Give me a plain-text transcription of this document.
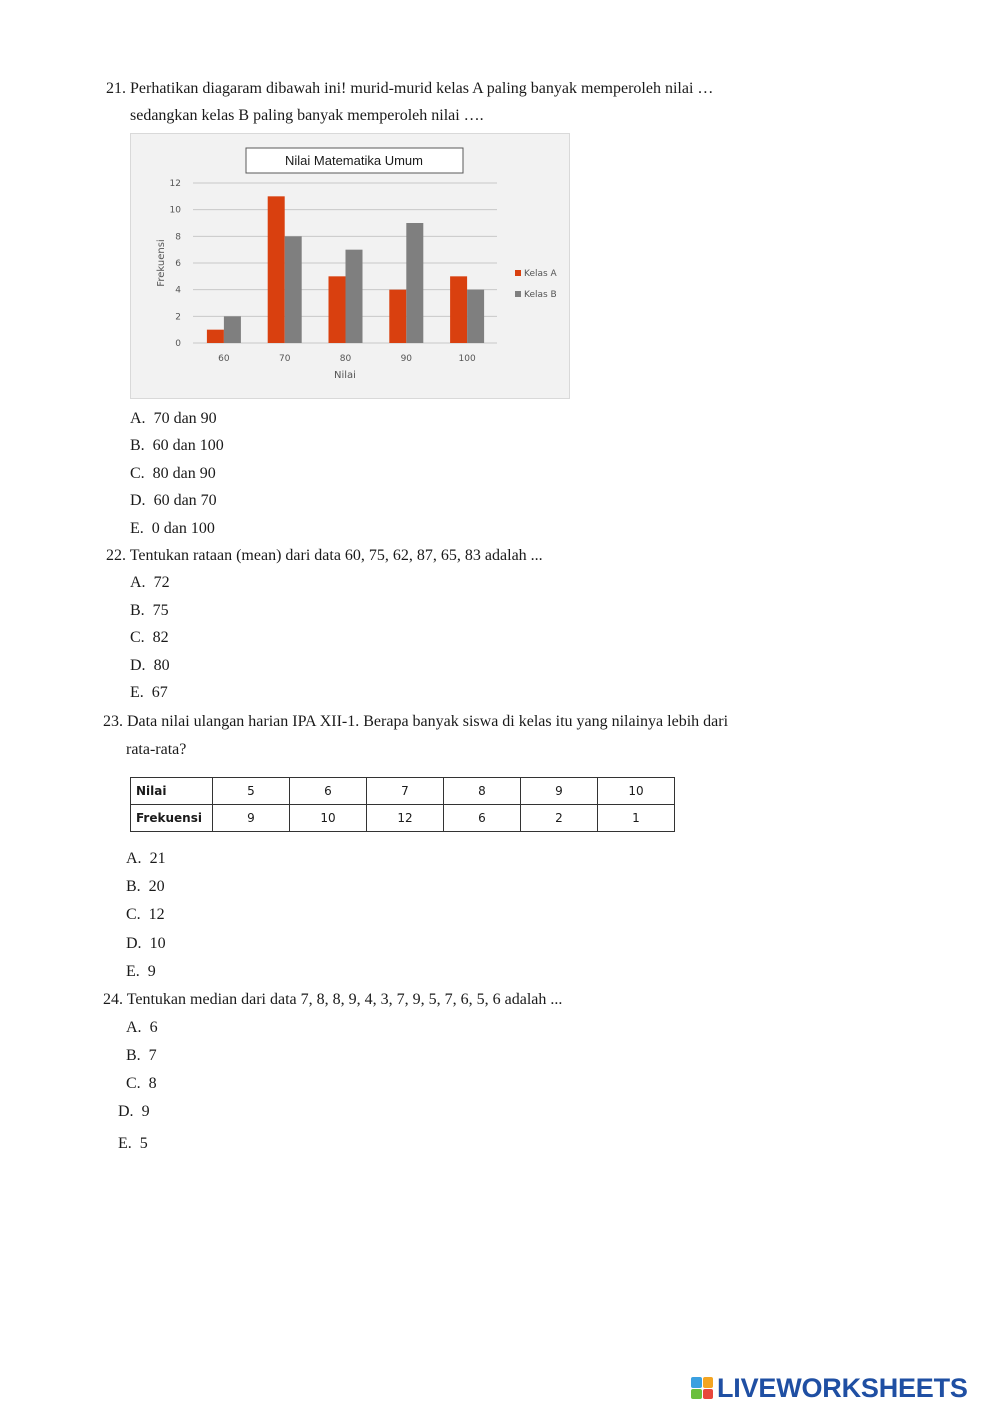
21. Perhatikan diagaram dibawah ini! murid-murid kelas A paling banyak memperoleh nilai …
sedangkan kelas B paling banyak memperoleh nilai ….
Nilai Matematika Umum
0
2
4
6
8
10
12
60	70	80	90	100
Nilai
Frekuensi	Kelas A
Kelas B
A. 70 dan 90
B. 60 dan 100
C. 80 dan 90
D. 60 dan 70
E. 0 dan 100
22. Tentukan rataan (mean) dari data 60, 75, 62, 87, 65, 83 adalah ...
A. 72
B. 75
C. 82
D. 80
E. 67
23. Data nilai ulangan harian IPA XII-1. Berapa banyak siswa di kelas itu yang nilainya lebih dari
rata-rata?
Nilai	5	6	7	8	9	10
Frekuensi	9	10	12	6	2	1
A. 21
B. 20
C. 12
D. 10
E. 9
24. Tentukan median dari data 7, 8, 8, 9, 4, 3, 7, 9, 5, 7, 6, 5, 6 adalah ...
A. 6
B. 7
C. 8
D. 9
E. 5
LIVEWORKSHEETS
